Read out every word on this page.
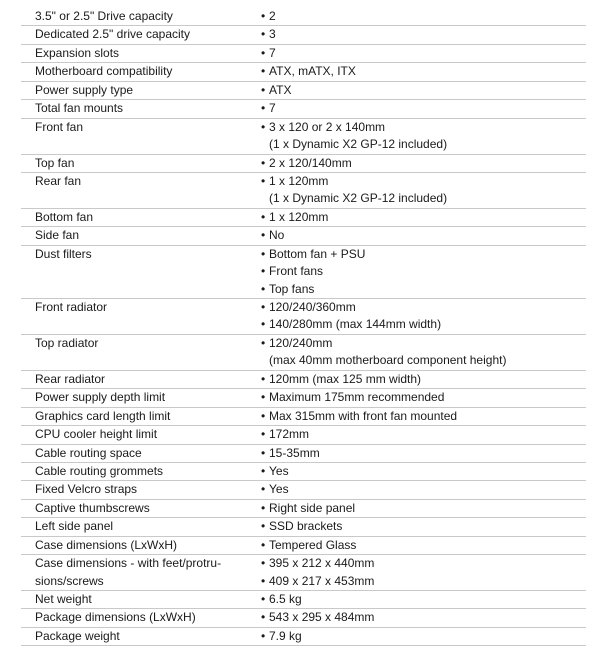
3.5" or 2.5" Drive capacity	• 2
Dedicated 2.5" drive capacity	• 3
Expansion slots	• 7
Motherboard compatibility	• ATX, mATX, ITX
Power supply type	• ATX
Total fan mounts	• 7
Front fan	• 3 x 120 or 2 x 140mm
(1 x Dynamic X2 GP-12 included)
Top fan	• 2 x 120/140mm
Rear fan	• 1 x 120mm
(1 x Dynamic X2 GP-12 included)
Bottom fan	• 1 x 120mm
Side fan	• No
Dust filters	• Bottom fan + PSU
• Front fans
• Top fans
Front radiator	• 120/240/360mm
• 140/280mm (max 144mm width)
Top radiator	• 120/240mm
(max 40mm motherboard component height)
Rear radiator	• 120mm (max 125 mm width)
Power supply depth limit	• Maximum 175mm recommended
Graphics card length limit	• Max 315mm with front fan mounted
CPU cooler height limit	• 172mm
Cable routing space	• 15-35mm
Cable routing grommets	• Yes
Fixed Velcro straps	• Yes
Captive thumbscrews	• Right side panel
Left side panel	• SSD brackets
Case dimensions (LxWxH)	• Tempered Glass
Case dimensions - with feet/protru-	• 395 x 212 x 440mm
sions/screws	• 409 x 217 x 453mm
Net weight	• 6.5 kg
Package dimensions (LxWxH)	• 543 x 295 x 484mm
Package weight	• 7.9 kg
